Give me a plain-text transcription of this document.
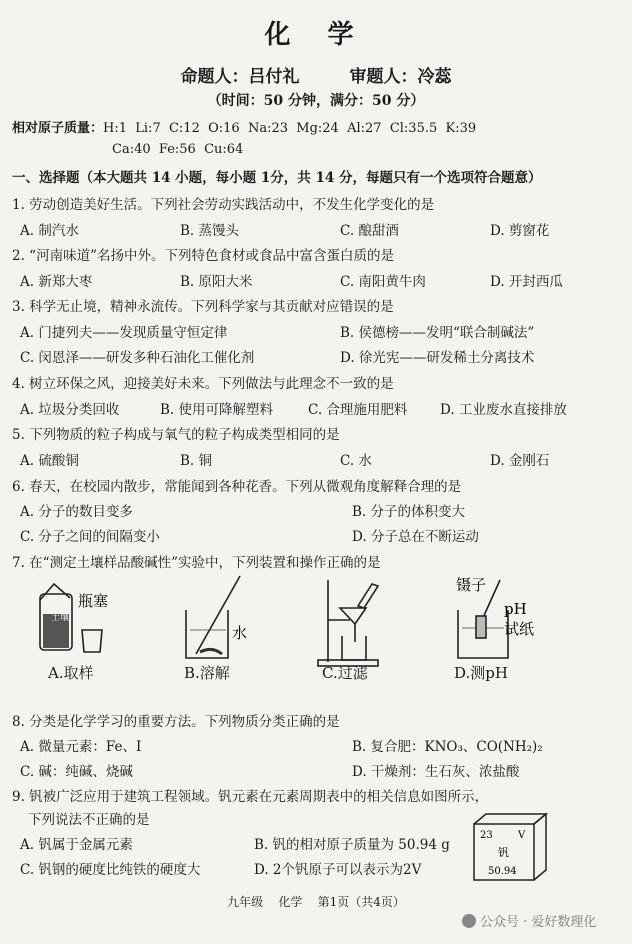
化 学
命题人：吕付礼	审题人：冷蕊
（时间：50 分钟，满分：50 分）
相对原子质量：H:1  Li:7  C:12  O:16  Na:23  Mg:24  Al:27  Cl:35.5  K:39
Ca:40  Fe:56  Cu:64
一、选择题（本大题共 14 小题，每小题 1分，共 14 分，每题只有一个选项符合题意）
1. 劳动创造美好生活。下列社会劳动实践活动中，不发生化学变化的是
A. 制汽水	B. 蒸馒头	C. 酿甜酒	D. 剪窗花
2. “河南味道”名扬中外。下列特色食材或食品中富含蛋白质的是
A. 新郑大枣	B. 原阳大米	C. 南阳黄牛肉	D. 开封西瓜
3. 科学无止境，精神永流传。下列科学家与其贡献对应错误的是
A. 门捷列夫——发现质量守恒定律	B. 侯德榜——发明“联合制碱法”
C. 闵恩泽——研发多种石油化工催化剂	D. 徐光宪——研发稀土分离技术
4. 树立环保之风，迎接美好未来。下列做法与此理念不一致的是
A. 垃圾分类回收	B. 使用可降解塑料	C. 合理施用肥料 D. 工业废水直接排放
5. 下列物质的粒子构成与氧气的粒子构成类型相同的是
A. 硫酸铜	B. 铜	C. 水	D. 金刚石
6. 春天，在校园内散步，常能闻到各种花香。下列从微观角度解释合理的是
A. 分子的数目变多	B. 分子的体积变大
C. 分子之间的间隔变小	D. 分子总在不断运动
7. 在“测定土壤样品酸碱性”实验中，下列装置和操作正确的是
土壤
瓶塞
水
镊子
pH
试纸
A.取样	B.溶解	C.过滤	D.测pH
8. 分类是化学学习的重要方法。下列物质分类正确的是
A. 微量元素：Fe、I	B. 复合肥：KNO₃、CO(NH₂)₂
C. 碱：纯碱、烧碱	D. 干燥剂：生石灰、浓盐酸
9. 钒被广泛应用于建筑工程领域。钒元素在元素周期表中的相关信息如图所示，
下列说法不正确的是
A. 钒属于金属元素	B. 钒的相对原子质量为 50.94 g
C. 钒钢的硬度比纯铁的硬度大	D. 2个钒原子可以表示为2V
23	V
钒
50.94
九年级    化学    第1页（共4页）
公众号 · 爱好数理化
